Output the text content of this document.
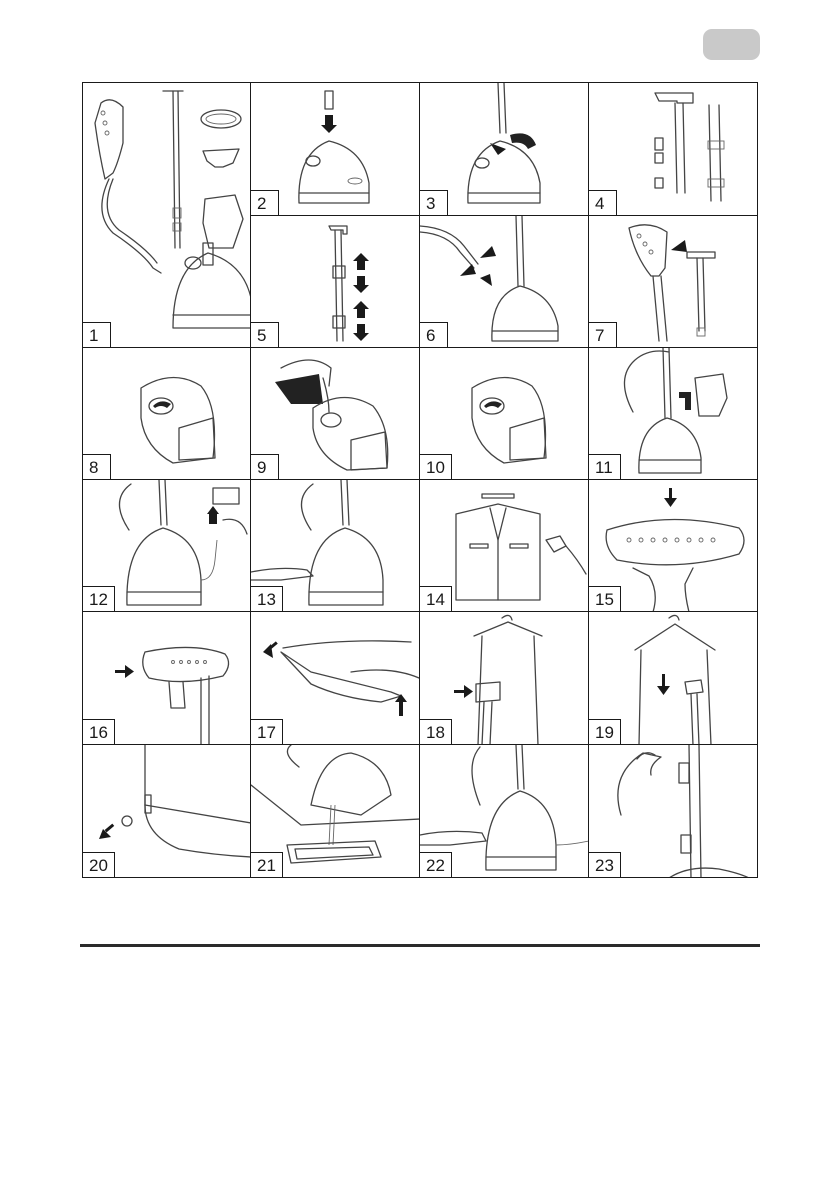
1
2	3	4
5	6	7
8	9	10	11
12	13	14	15
16	17	18	19
20	21	22	23
